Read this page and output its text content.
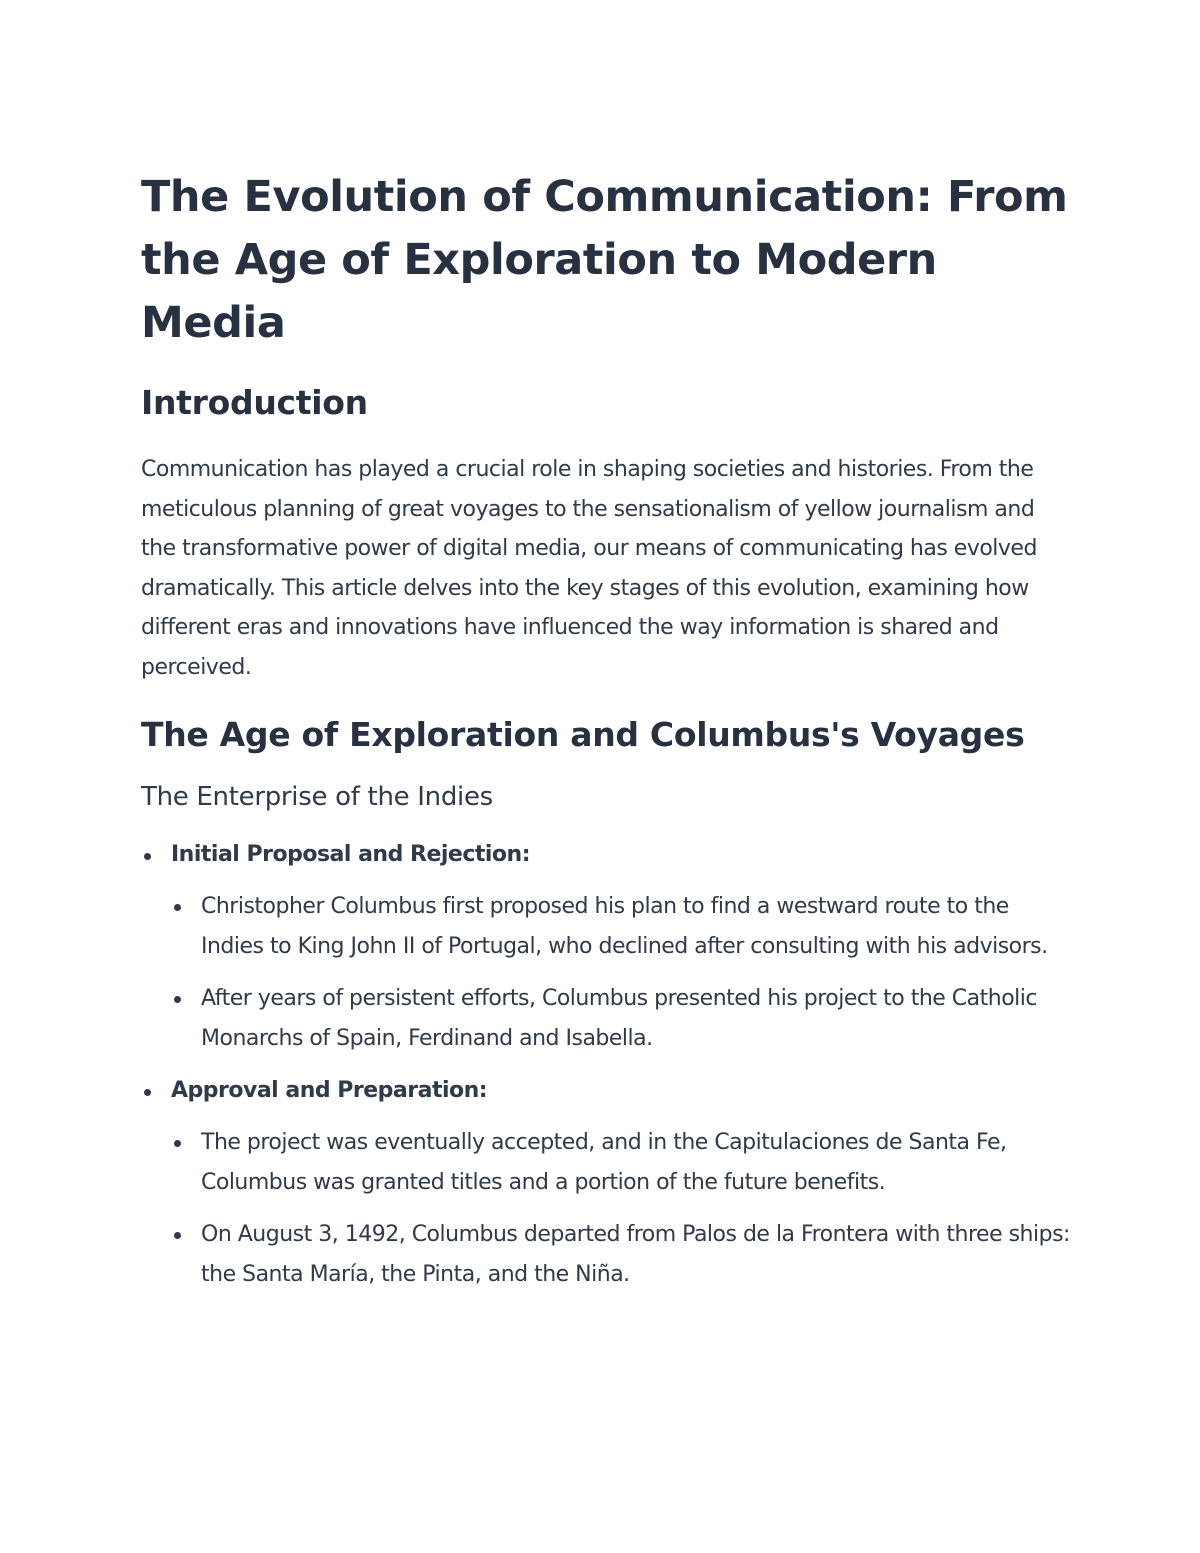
The Evolution of Communication: From the Age of Exploration to Modern Media
Introduction

Communication has played a crucial role in shaping societies and histories. From the meticulous planning of great voyages to the sensationalism of yellow journalism and the transformative power of digital media, our means of communicating has evolved dramatically. This article delves into the key stages of this evolution, examining how different eras and innovations have influenced the way information is shared and perceived.

The Age of Exploration and Columbus's Voyages
The Enterprise of the Indies
Initial Proposal and Rejection:
Christopher Columbus first proposed his plan to find a westward route to the Indies to King John II of Portugal, who declined after consulting with his advisors.
After years of persistent efforts, Columbus presented his project to the Catholic Monarchs of Spain, Ferdinand and Isabella.
Approval and Preparation:
The project was eventually accepted, and in the Capitulaciones de Santa Fe, Columbus was granted titles and a portion of the future benefits.
On August 3, 1492, Columbus departed from Palos de la Frontera with three ships: the Santa María, the Pinta, and the Niña.
